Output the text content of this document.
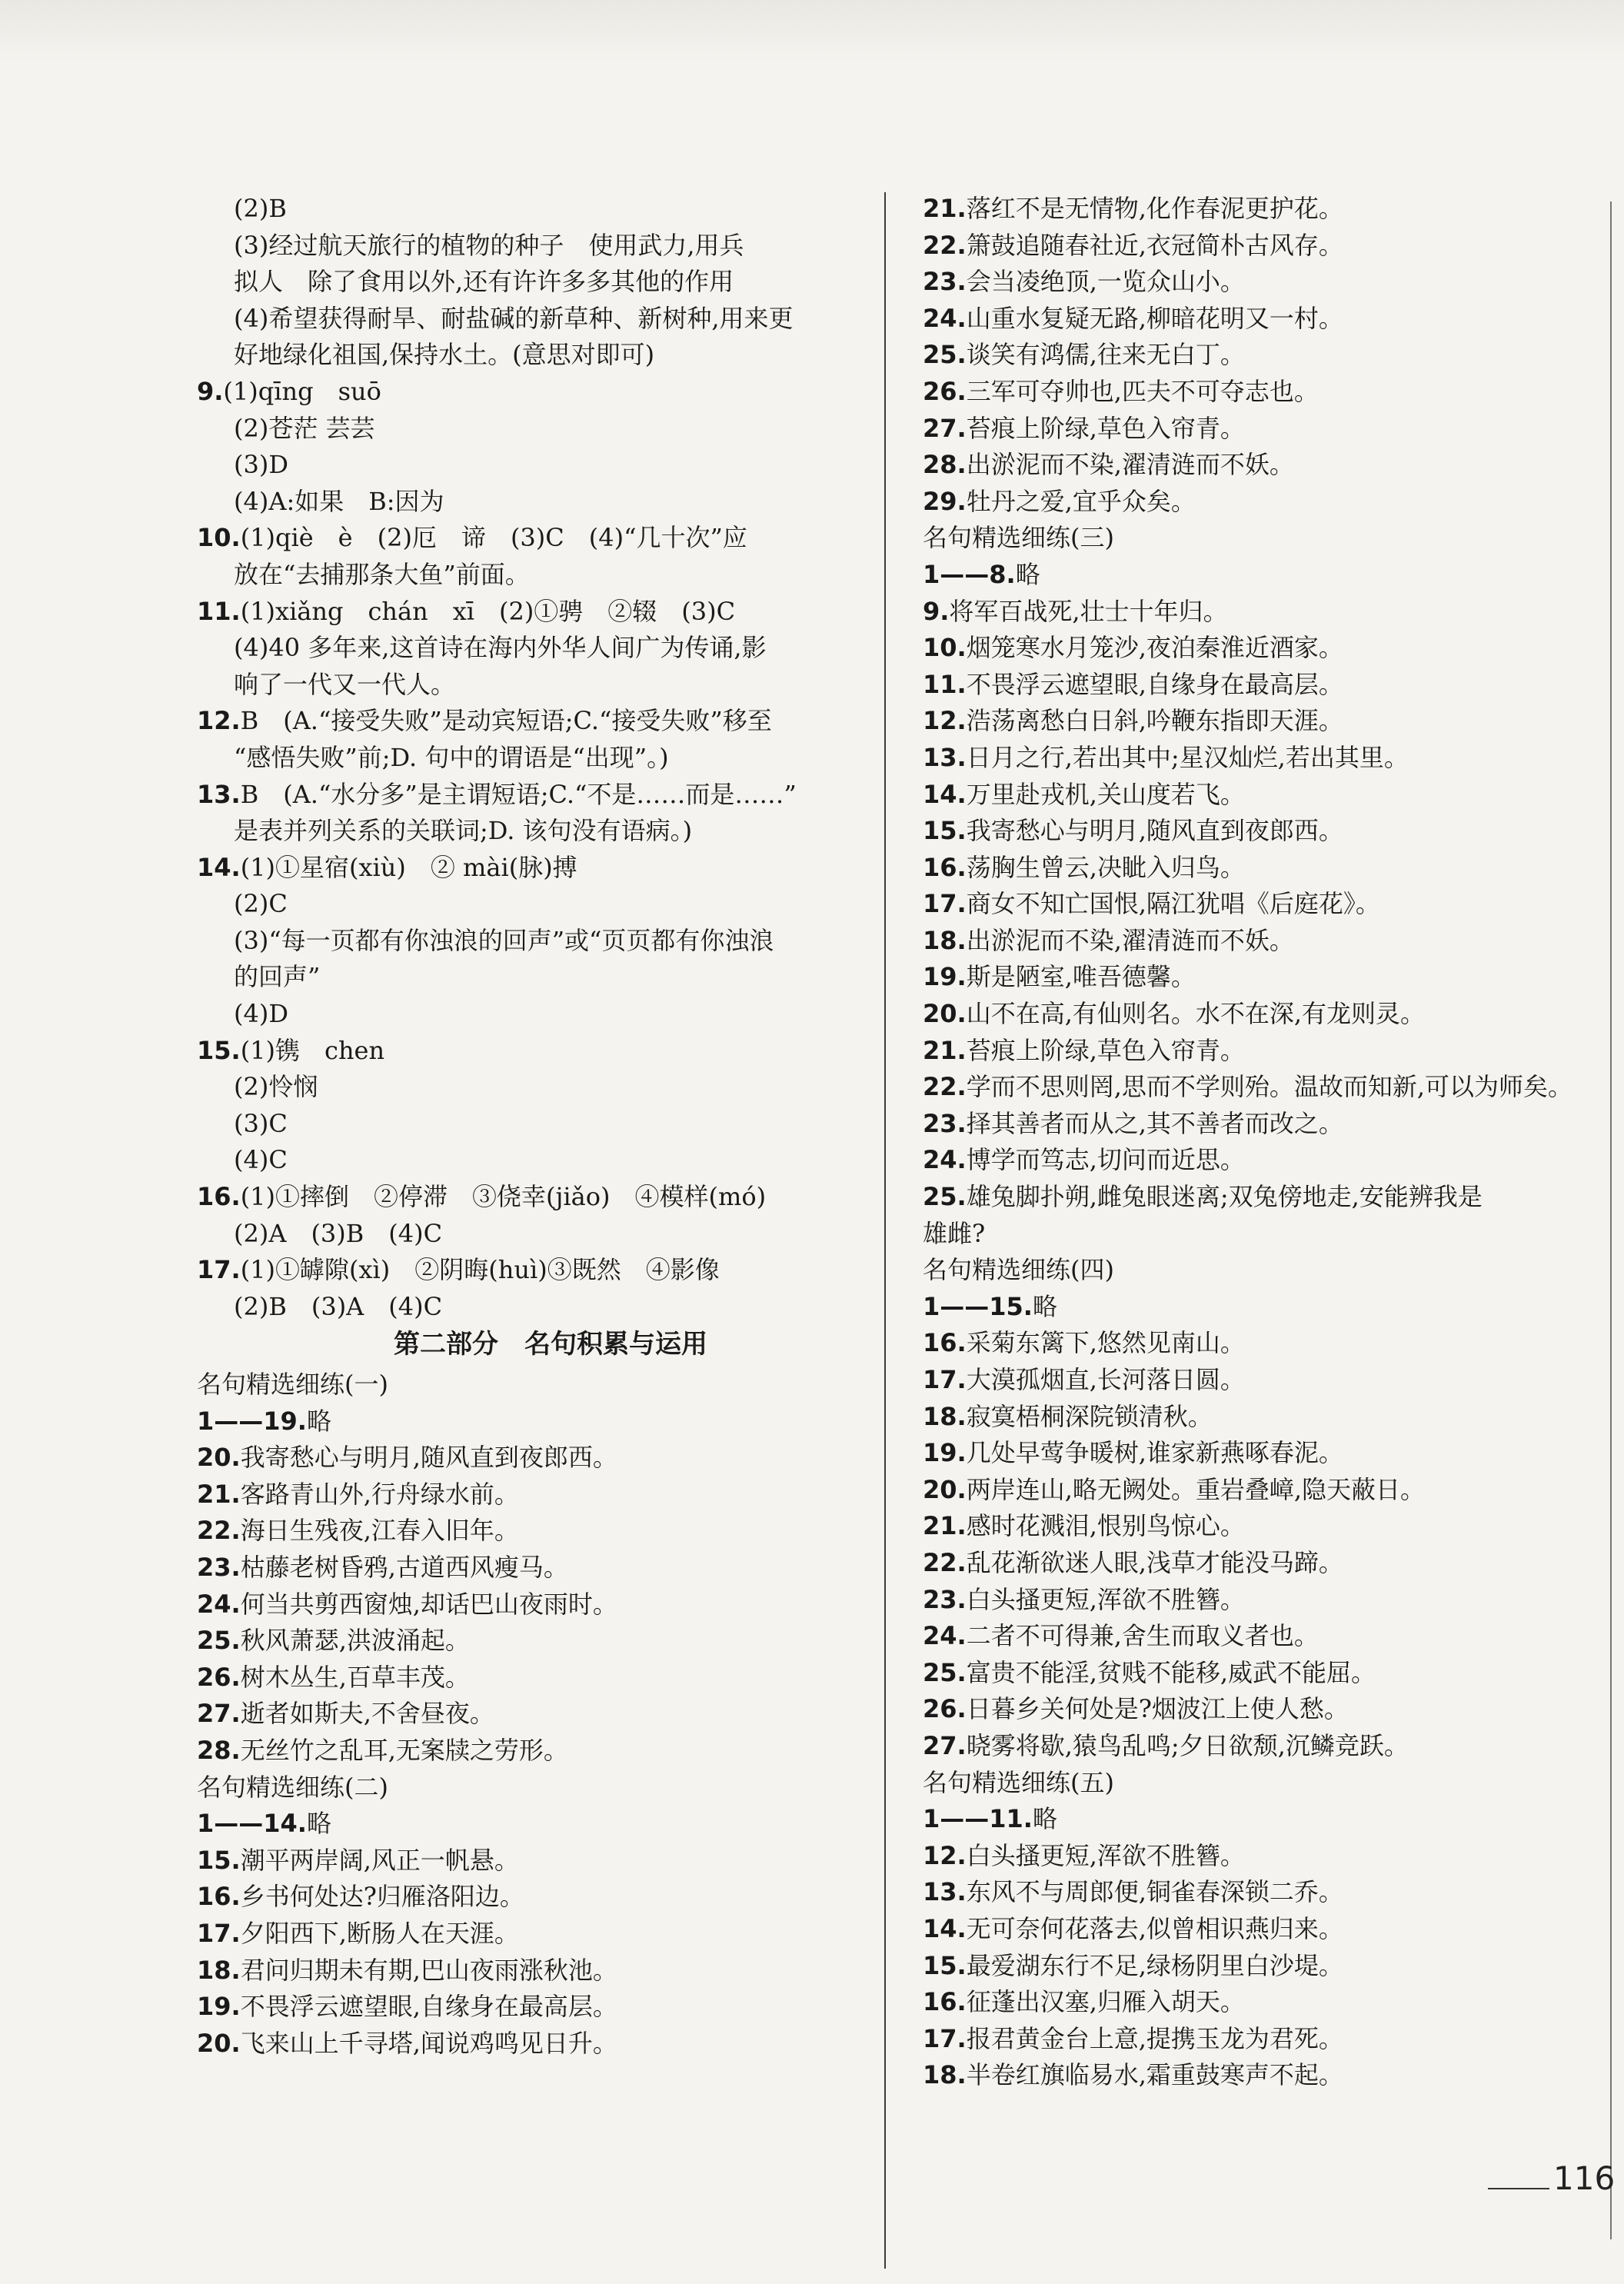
(2)B
(3)经过航天旅行的植物的种子　使用武力,用兵
拟人　除了食用以外,还有许许多多其他的作用
(4)希望获得耐旱、耐盐碱的新草种、新树种,用来更
好地绿化祖国,保持水土。(意思对即可)
9.(1)qīng　suō
(2)苍茫 芸芸
(3)D
(4)A:如果　B:因为
10.(1)qiè　è　(2)厄　谛　(3)C　(4)“几十次”应
放在“去捕那条大鱼”前面。
11.(1)xiǎng　chán　xī　(2)①骋　②辍　(3)C
(4)40 多年来,这首诗在海内外华人间广为传诵,影
响了一代又一代人。
12.B　(A.“接受失败”是动宾短语;C.“接受失败”移至
“感悟失败”前;D. 句中的谓语是“出现”。)
13.B　(A.“水分多”是主谓短语;C.“不是……而是……”
是表并列关系的关联词;D. 该句没有语病。)
14.(1)①星宿(xiù)　② mài(脉)搏
(2)C
(3)“每一页都有你浊浪的回声”或“页页都有你浊浪
的回声”
(4)D
15.(1)镌　chen
(2)怜悯
(3)C
(4)C
16.(1)①摔倒　②停滞　③侥幸(jiǎo)　④模样(mó)
(2)A　(3)B　(4)C
17.(1)①罅隙(xì)　②阴晦(huì)③既然　④影像
(2)B　(3)A　(4)C
第二部分　名句积累与运用
名句精选细练(一)
1——19.略
20.我寄愁心与明月,随风直到夜郎西。
21.客路青山外,行舟绿水前。
22.海日生残夜,江春入旧年。
23.枯藤老树昏鸦,古道西风瘦马。
24.何当共剪西窗烛,却话巴山夜雨时。
25.秋风萧瑟,洪波涌起。
26.树木丛生,百草丰茂。
27.逝者如斯夫,不舍昼夜。
28.无丝竹之乱耳,无案牍之劳形。
名句精选细练(二)
1——14.略
15.潮平两岸阔,风正一帆悬。
16.乡书何处达?归雁洛阳边。
17.夕阳西下,断肠人在天涯。
18.君问归期未有期,巴山夜雨涨秋池。
19.不畏浮云遮望眼,自缘身在最高层。
20.飞来山上千寻塔,闻说鸡鸣见日升。
21.落红不是无情物,化作春泥更护花。
22.箫鼓追随春社近,衣冠简朴古风存。
23.会当凌绝顶,一览众山小。
24.山重水复疑无路,柳暗花明又一村。
25.谈笑有鸿儒,往来无白丁。
26.三军可夺帅也,匹夫不可夺志也。
27.苔痕上阶绿,草色入帘青。
28.出淤泥而不染,濯清涟而不妖。
29.牡丹之爱,宜乎众矣。
名句精选细练(三)
1——8.略
9.将军百战死,壮士十年归。
10.烟笼寒水月笼沙,夜泊秦淮近酒家。
11.不畏浮云遮望眼,自缘身在最高层。
12.浩荡离愁白日斜,吟鞭东指即天涯。
13.日月之行,若出其中;星汉灿烂,若出其里。
14.万里赴戎机,关山度若飞。
15.我寄愁心与明月,随风直到夜郎西。
16.荡胸生曾云,决眦入归鸟。
17.商女不知亡国恨,隔江犹唱《后庭花》。
18.出淤泥而不染,濯清涟而不妖。
19.斯是陋室,唯吾德馨。
20.山不在高,有仙则名。水不在深,有龙则灵。
21.苔痕上阶绿,草色入帘青。
22.学而不思则罔,思而不学则殆。温故而知新,可以为师矣。
23.择其善者而从之,其不善者而改之。
24.博学而笃志,切问而近思。
25.雄兔脚扑朔,雌兔眼迷离;双兔傍地走,安能辨我是
雄雌?
名句精选细练(四)
1——15.略
16.采菊东篱下,悠然见南山。
17.大漠孤烟直,长河落日圆。
18.寂寞梧桐深院锁清秋。
19.几处早莺争暖树,谁家新燕啄春泥。
20.两岸连山,略无阙处。重岩叠嶂,隐天蔽日。
21.感时花溅泪,恨别鸟惊心。
22.乱花渐欲迷人眼,浅草才能没马蹄。
23.白头搔更短,浑欲不胜簪。
24.二者不可得兼,舍生而取义者也。
25.富贵不能淫,贫贱不能移,威武不能屈。
26.日暮乡关何处是?烟波江上使人愁。
27.晓雾将歇,猿鸟乱鸣;夕日欲颓,沉鳞竞跃。
名句精选细练(五)
1——11.略
12.白头搔更短,浑欲不胜簪。
13.东风不与周郎便,铜雀春深锁二乔。
14.无可奈何花落去,似曾相识燕归来。
15.最爱湖东行不足,绿杨阴里白沙堤。
16.征蓬出汉塞,归雁入胡天。
17.报君黄金台上意,提携玉龙为君死。
18.半卷红旗临易水,霜重鼓寒声不起。
116
